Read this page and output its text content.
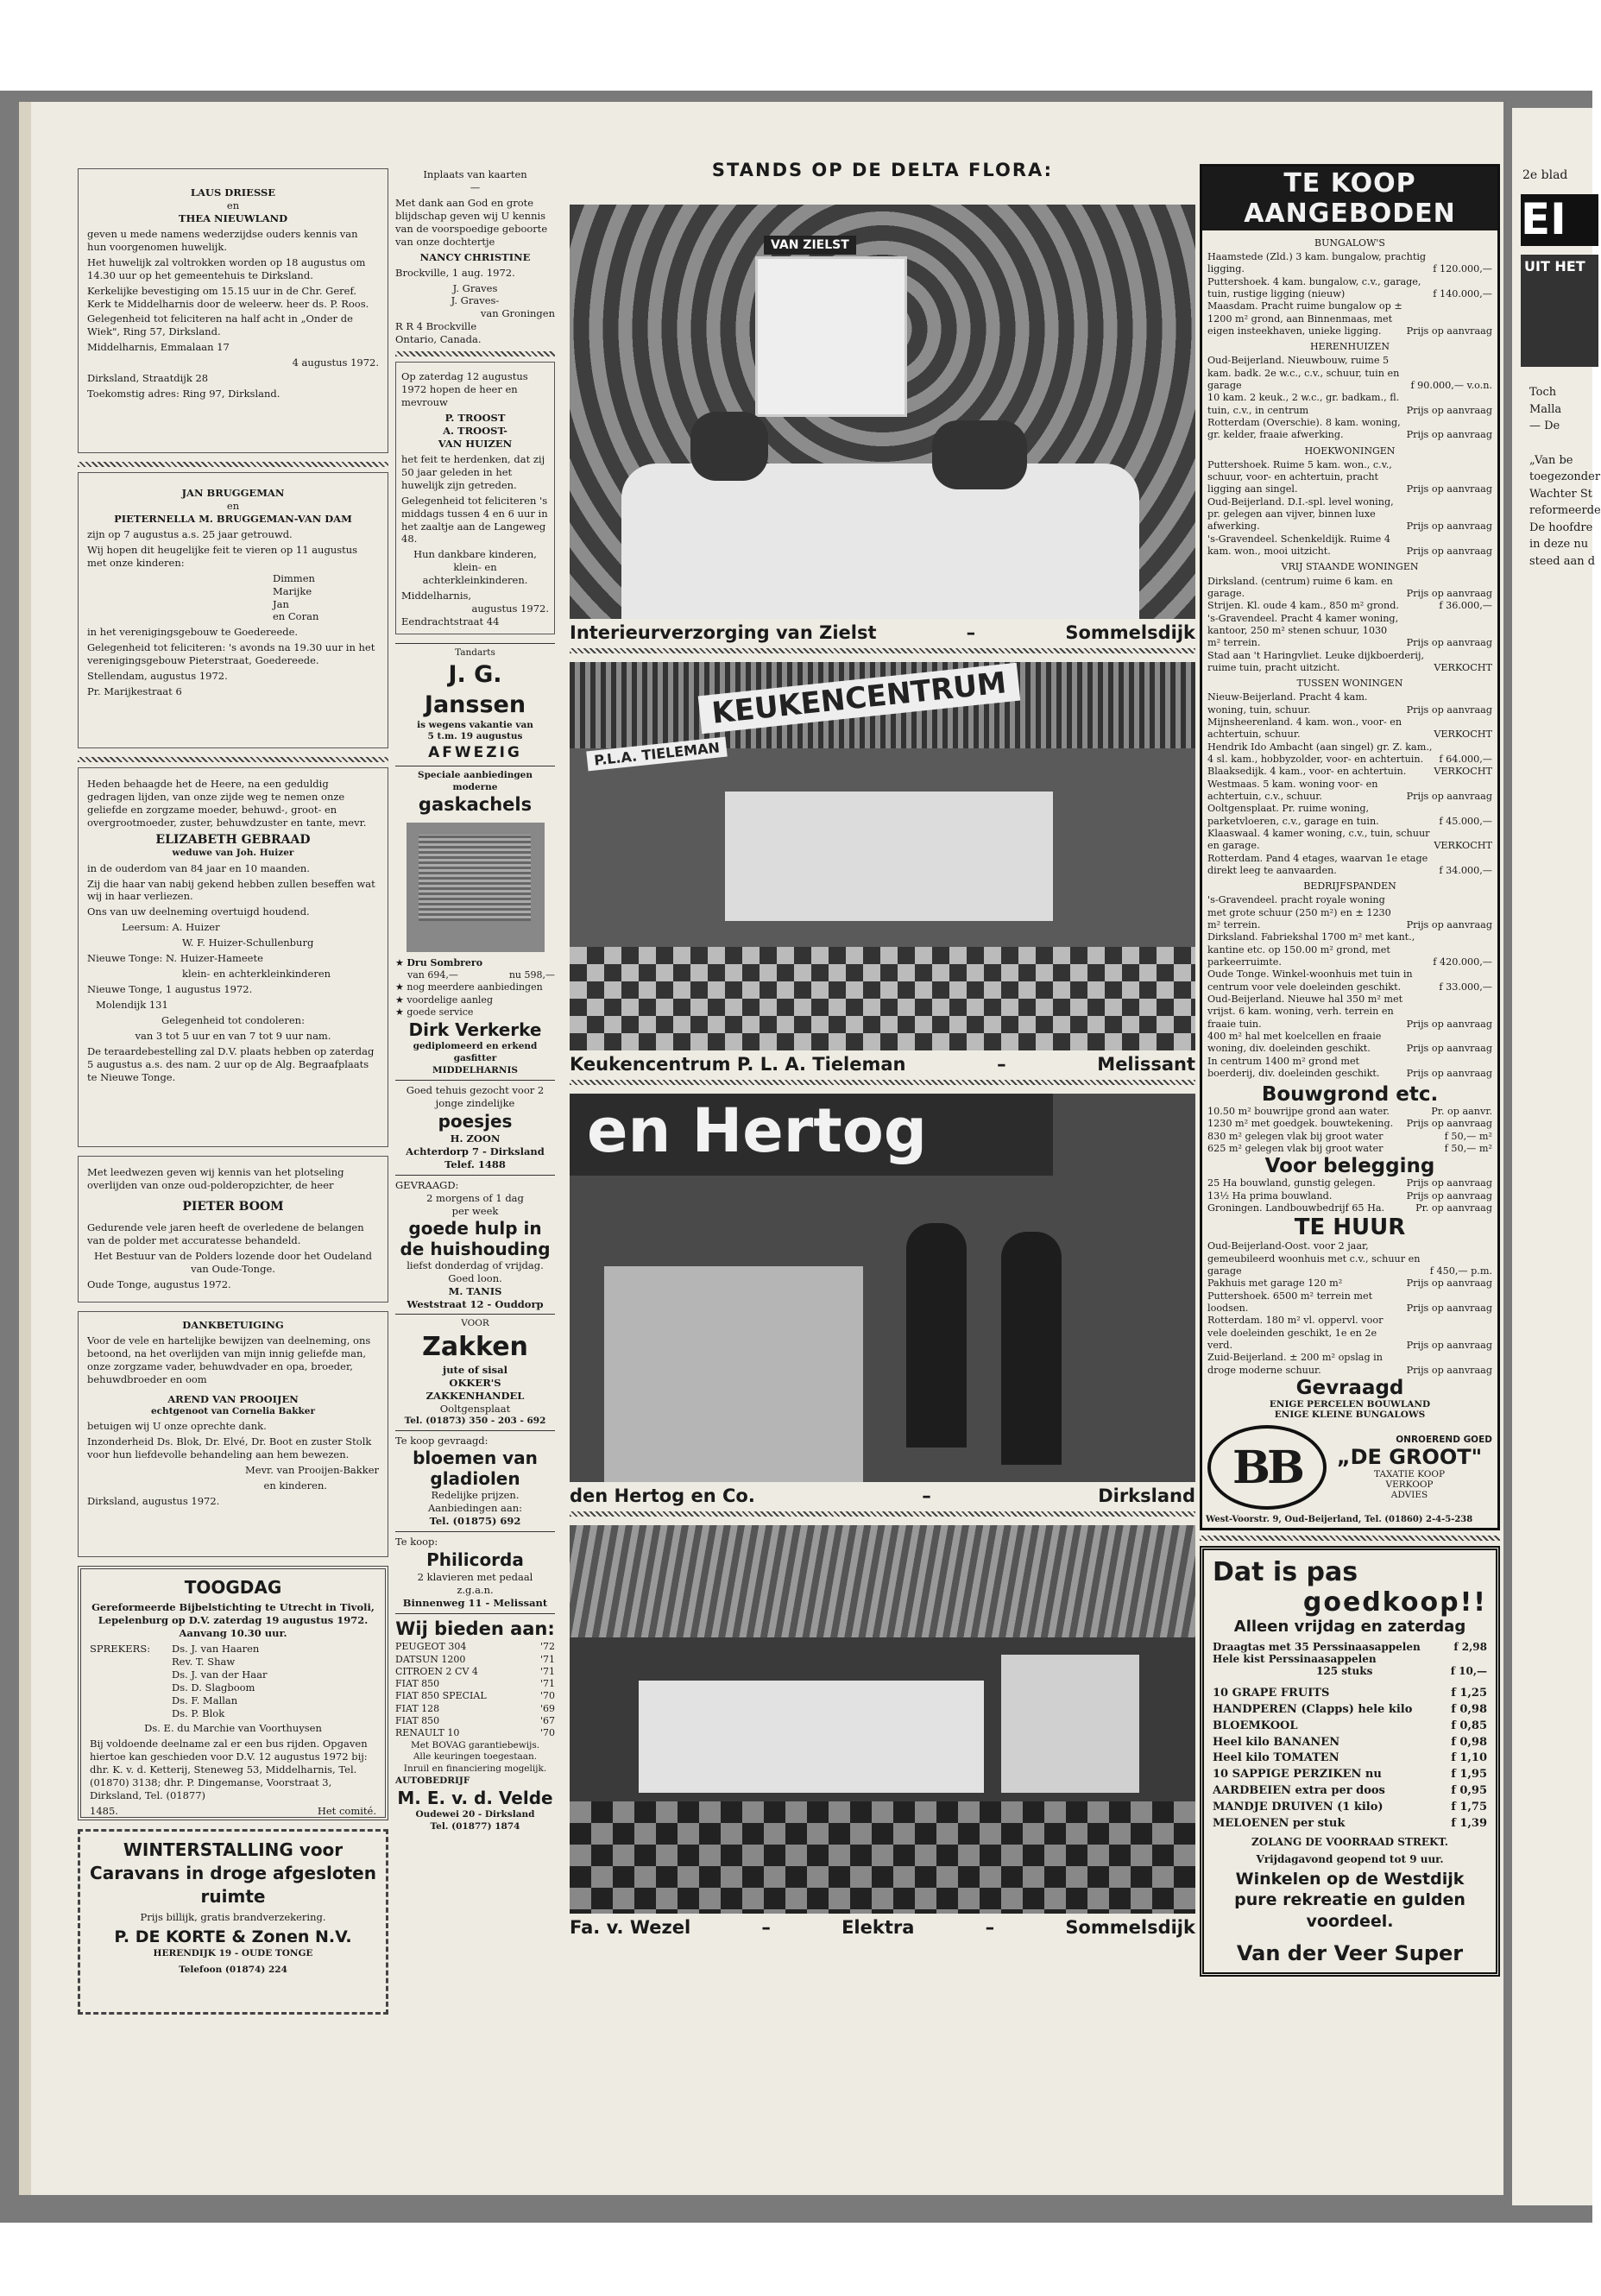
2e blad
EI
UIT HET
Toch
Malla
— De
„Van be
toegezonder
Wachter St
reformeerde
De hoofdre
in deze nu
steed aan d
LAUS DRIESSE
en
THEA NIEUWLAND

geven u mede namens wederzijdse ouders kennis van hun voorgenomen huwelijk.

Het huwelijk zal voltrokken worden op 18 augustus om 14.30 uur op het gemeentehuis te Dirksland.

Kerkelijke bevestiging om 15.15 uur in de Chr. Geref. Kerk te Middelharnis door de weleerw. heer ds. P. Roos.

Gelegenheid tot feliciteren na half acht in „Onder de Wiek", Ring 57, Dirksland.

Middelharnis, Emmalaan 17

4 augustus 1972.

Dirksland, Straatdijk 28

Toekomstig adres: Ring 97, Dirksland.

JAN BRUGGEMAN
en
PIETERNELLA M. BRUGGEMAN-VAN DAM

zijn op 7 augustus a.s. 25 jaar getrouwd.

Wij hopen dit heugelijke feit te vieren op 11 augustus met onze kinderen:

Dimmen
Marijke
Jan
en Coran

in het verenigingsgebouw te Goedereede.

Gelegenheid tot feliciteren: 's avonds na 19.30 uur in het verenigingsgebouw Pieterstraat, Goedereede.

Stellendam, augustus 1972.

Pr. Marijkestraat 6

Heden behaagde het de Heere, na een geduldig gedragen lijden, van onze zijde weg te nemen onze geliefde en zorgzame moeder, behuwd-, groot- en overgrootmoeder, zuster, behuwdzuster en tante, mevr.

ELIZABETH GEBRAAD
weduwe van Joh. Huizer

in de ouderdom van 84 jaar en 10 maanden.

Zij die haar van nabij gekend hebben zullen beseffen wat wij in haar verliezen.

Ons van uw deelneming overtuigd houdend.

Leersum: A. Huizer

W. F. Huizer-Schullenburg

Nieuwe Tonge: N. Huizer-Hameete

klein- en achterkleinkinderen

Nieuwe Tonge, 1 augustus 1972.

Molendijk 131

Gelegenheid tot condoleren:

van 3 tot 5 uur en van 7 tot 9 uur nam.

De teraardebestelling zal D.V. plaats hebben op zaterdag 5 augustus a.s. des nam. 2 uur op de Alg. Begraafplaats te Nieuwe Tonge.

Met leedwezen geven wij kennis van het plotseling overlijden van onze oud-polderopzichter, de heer

PIETER BOOM

Gedurende vele jaren heeft de overledene de belangen van de polder met accuratesse behandeld.

Het Bestuur van de Polders lozende door het Oudeland van Oude-Tonge.

Oude Tonge, augustus 1972.

DANKBETUIGING

Voor de vele en hartelijke bewijzen van deelneming, ons betoond, na het overlijden van mijn innig geliefde man, onze zorgzame vader, behuwdvader en opa, broeder, behuwdbroeder en oom

AREND VAN PROOIJEN
echtgenoot van Cornelia Bakker

betuigen wij U onze oprechte dank.

Inzonderheid Ds. Blok, Dr. Elvé, Dr. Boot en zuster Stolk voor hun liefdevolle behandeling aan hem bewezen.

Mevr. van Prooijen-Bakker

en kinderen.

Dirksland, augustus 1972.

TOOGDAG

Gereformeerde Bijbelstichting te Utrecht in Tivoli, Lepelenburg op D.V. zaterdag 19 augustus 1972. Aanvang 10.30 uur.

SPREKERS:	Ds. J. van Haaren
Rev. T. Shaw
Ds. J. van der Haar
Ds. D. Slagboom
Ds. F. Mallan
Ds. P. Blok

Ds. E. du Marchie van Voorthuysen

Bij voldoende deelname zal er een bus rijden. Opgaven hiertoe kan geschieden voor D.V. 12 augustus 1972 bij: dhr. K. v. d. Ketterij, Steneweg 53, Middelharnis, Tel. (01870) 3138; dhr. P. Dingemanse, Voorstraat 3, Dirksland, Tel. (01877)

1485.	Het comité.
WINTERSTALLING voor Caravans in droge afgesloten ruimte

Prijs billijk, gratis brandverzekering.

P. DE KORTE & Zonen N.V.
HERENDIJK 19 - OUDE TONGE
Telefoon (01874) 224
Inplaats van kaarten
—

Met dank aan God en grote blijdschap geven wij U kennis van de voorspoedige geboorte van onze dochtertje

NANCY CHRISTINE

Brockville, 1 aug. 1972.

J. Graves
J. Graves-
van Groningen
R R 4 Brockville
Ontario, Canada.

Op zaterdag 12 augustus 1972 hopen de heer en mevrouw

P. TROOST
A. TROOST-
VAN HUIZEN

het feit te herdenken, dat zij 50 jaar geleden in het huwelijk zijn getreden.

Gelegenheid tot feliciteren 's middags tussen 4 en 6 uur in het zaaltje aan de Langeweg 48.

Hun dankbare kinderen, klein- en achterkleinkinderen.

Middelharnis,
augustus 1972.
Eendrachtstraat 44
Tandarts
J. G. Janssen
is wegens vakantie van
5 t.m. 19 augustus
AFWEZIG
Speciale aanbiedingen
moderne
gaskachels
★ Dru Sombrero
van 694,—	nu 598,—
★ nog meerdere aanbiedingen
★ voordelige aanleg
★ goede service
Dirk Verkerke
gediplomeerd en erkend gasfitter
MIDDELHARNIS
Goed tehuis gezocht voor 2 jonge zindelijke
poesjes
H. ZOON
Achterdorp 7 - Dirksland
Telef. 1488
GEVRAAGD:
2 morgens of 1 dag
per week
goede hulp in de huishouding
liefst donderdag of vrijdag.
Goed loon.
M. TANIS
Weststraat 12 - Ouddorp
VOOR
Zakken
jute of sisal
OKKER'S
ZAKKENHANDEL
Ooltgensplaat
Tel. (01873) 350 - 203 - 692
Te koop gevraagd:
bloemen van gladiolen
Redelijke prijzen.
Aanbiedingen aan:
Tel. (01875) 692
Te koop:
Philicorda
2 klavieren met pedaal
z.g.a.n.
Binnenweg 11 - Melissant
Wij bieden aan:
PEUGEOT 304	'72
DATSUN 1200	'71
CITROEN 2 CV 4	'71
FIAT 850	'71
FIAT 850 SPECIAL	'70
FIAT 128	'69
FIAT 850	'67
RENAULT 10	'70
Met BOVAG garantiebewijs.
Alle keuringen toegestaan.
Inruil en financiering mogelijk.
AUTOBEDRIJF
M. E. v. d. Velde
Oudewei 20 - Dirksland
Tel. (01877) 1874
STANDS OP DE DELTA FLORA:
VAN ZIELST
Interieurverzorging van Zielst	–	Sommelsdijk
KEUKENCENTRUM
P.L.A. TIELEMAN
Keukencentrum P. L. A. Tieleman	–	Melissant
en Hertog
den Hertog en Co.	–	Dirksland
Fa. v. Wezel	–	Elektra	–	Sommelsdijk
TE KOOP AANGEBODEN
BUNGALOW'S
Haamstede (Zld.) 3 kam. bungalow, prachtig ligging.	f 120.000,—
Puttershoek. 4 kam. bungalow, c.v., garage, tuin, rustige ligging (nieuw)	f 140.000,—
Maasdam. Pracht ruime bungalow op ± 1200 m² grond, aan Binnenmaas, met eigen insteekhaven, unieke ligging.	Prijs op aanvraag
HERENHUIZEN
Oud-Beijerland. Nieuwbouw, ruime 5 kam. badk. 2e w.c., c.v., schuur, tuin en garage	f 90.000,— v.o.n.
10 kam. 2 keuk., 2 w.c., gr. badkam., fl. tuin, c.v., in centrum	Prijs op aanvraag
Rotterdam (Overschie). 8 kam. woning, gr. kelder, fraaie afwerking.	Prijs op aanvraag
HOEKWONINGEN
Puttershoek. Ruime 5 kam. won., c.v., schuur, voor- en achtertuin, pracht ligging aan singel.	Prijs op aanvraag
Oud-Beijerland. D.I.-spl. level woning, pr. gelegen aan vijver, binnen luxe afwerking.	Prijs op aanvraag
's-Gravendeel. Schenkeldijk. Ruime 4 kam. won., mooi uitzicht.	Prijs op aanvraag
VRIJ STAANDE WONINGEN
Dirksland. (centrum) ruime 6 kam. en garage.	Prijs op aanvraag
Strijen. Kl. oude 4 kam., 850 m² grond.	f 36.000,—
's-Gravendeel. Pracht 4 kamer woning, kantoor, 250 m² stenen schuur, 1030 m² terrein.	Prijs op aanvraag
Stad aan 't Haringvliet. Leuke dijkboerderij, ruime tuin, pracht uitzicht.	VERKOCHT
TUSSEN WONINGEN
Nieuw-Beijerland. Pracht 4 kam. woning, tuin, schuur.	Prijs op aanvraag
Mijnsheerenland. 4 kam. won., voor- en achtertuin, schuur.	VERKOCHT
Hendrik Ido Ambacht (aan singel) gr. Z. kam., 4 sl. kam., hobbyzolder, voor- en achtertuin.	f 64.000,—
Blaaksedijk. 4 kam., voor- en achtertuin.	VERKOCHT
Westmaas. 5 kam. woning voor- en achtertuin, c.v., schuur.	Prijs op aanvraag
Ooltgensplaat. Pr. ruime woning, parketvloeren, c.v., garage en tuin.	f 45.000,—
Klaaswaal. 4 kamer woning, c.v., tuin, schuur en garage.	VERKOCHT
Rotterdam. Pand 4 etages, waarvan 1e etage direkt leeg te aanvaarden.	f 34.000,—
BEDRIJFSPANDEN
's-Gravendeel. pracht royale woning met grote schuur (250 m²) en ± 1230 m² terrein.	Prijs op aanvraag
Dirksland. Fabriekshal 1700 m² met kant., kantine etc. op 150.00 m² grond, met parkeerruimte.	f 420.000,—
Oude Tonge. Winkel-woonhuis met tuin in centrum voor vele doeleinden geschikt.	f 33.000,—
Oud-Beijerland. Nieuwe hal 350 m² met vrijst. 6 kam. woning, verh. terrein en fraaie tuin.	Prijs op aanvraag
400 m² hal met koelcellen en fraaie woning, div. doeleinden geschikt.	Prijs op aanvraag
In centrum 1400 m² grond met boerderij, div. doeleinden geschikt.	Prijs op aanvraag
Bouwgrond etc.
10.50 m² bouwrijpe grond aan water.	Pr. op aanvr.
1230 m² met goedgek. bouwtekening.	Prijs op aanvraag
830 m² gelegen vlak bij groot water	f 50,— m²
625 m² gelegen vlak bij groot water	f 50,— m²
Voor belegging
25 Ha bouwland, gunstig gelegen.	Prijs op aanvraag
13½ Ha prima bouwland.	Prijs op aanvraag
Groningen. Landbouwbedrijf 65 Ha.	Pr. op aanvraag
TE HUUR
Oud-Beijerland-Oost. voor 2 jaar, gemeubileerd woonhuis met c.v., schuur en garage	f 450,— p.m.
Pakhuis met garage 120 m²	Prijs op aanvraag
Puttershoek. 6500 m² terrein met loodsen.	Prijs op aanvraag
Rotterdam. 180 m² vl. oppervl. voor vele doeleinden geschikt, 1e en 2e verd.	Prijs op aanvraag
Zuid-Beijerland. ± 200 m² opslag in droge moderne schuur.	Prijs op aanvraag
Gevraagd
ENIGE PERCELEN BOUWLAND
ENIGE KLEINE BUNGALOWS
BB
ONROEREND GOED
„DE GROOT"
TAXATIE KOOP
VERKOOP
ADVIES
West-Voorstr. 9, Oud-Beijerland, Tel. (01860) 2-4-5-238
Dat is pas
goedkoop!!
Alleen vrijdag en zaterdag
Draagtas met 35 Perssinaasappelen	f 2,98
Hele kist Perssinaasappelen
125 stuks	f 10,—
10 GRAPE FRUITS	f 1,25
HANDPEREN (Clapps) hele kilo	f 0,98
BLOEMKOOL	f 0,85
Heel kilo BANANEN	f 0,98
Heel kilo TOMATEN	f 1,10
10 SAPPIGE PERZIKEN nu	f 1,95
AARDBEIEN extra per doos	f 0,95
MANDJE DRUIVEN (1 kilo)	f 1,75
MELOENEN per stuk	f 1,39
ZOLANG DE VOORRAAD STREKT.
Vrijdagavond geopend tot 9 uur.
Winkelen op de Westdijk pure rekreatie en gulden voordeel.
Van der Veer Super
